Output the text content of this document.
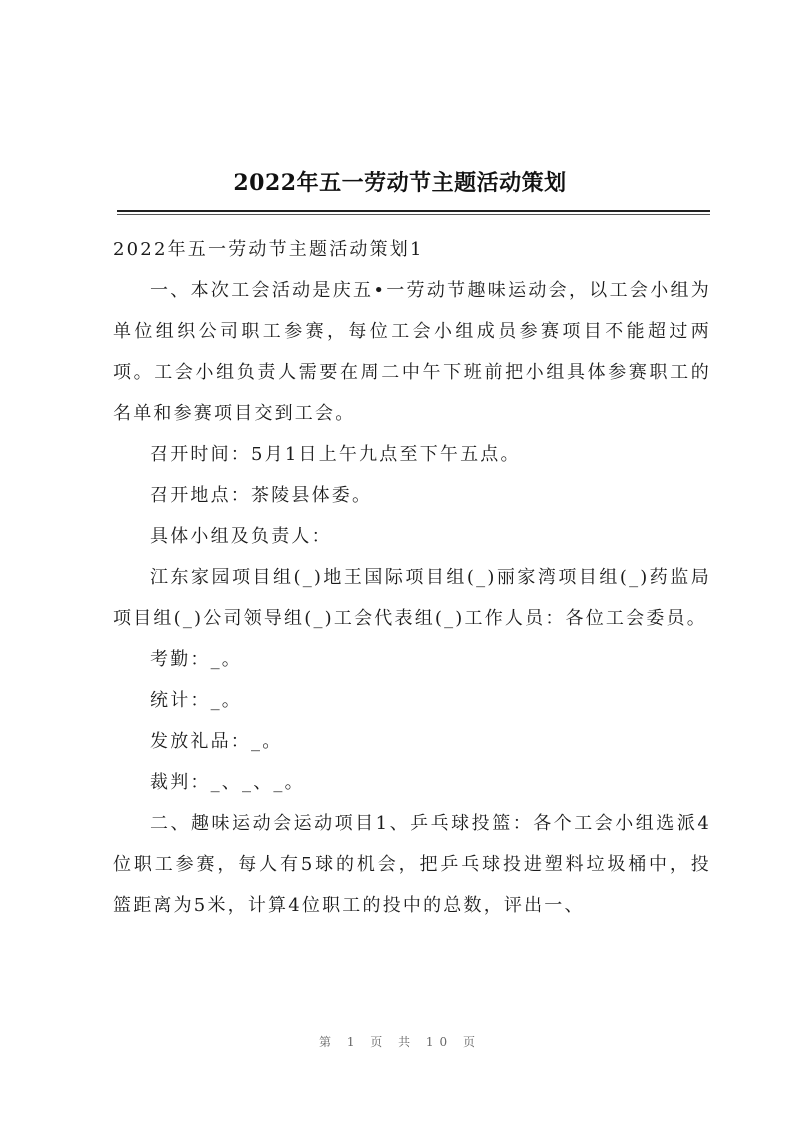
2022年五一劳动节主题活动策划

2022年五一劳动节主题活动策划1

一、本次工会活动是庆五•一劳动节趣味运动会，以工会小组为单位组织公司职工参赛，每位工会小组成员参赛项目不能超过两项。工会小组负责人需要在周二中午下班前把小组具体参赛职工的名单和参赛项目交到工会。

召开时间：5月1日上午九点至下午五点。

召开地点：茶陵县体委。

具体小组及负责人：

江东家园项目组(_)地王国际项目组(_)丽家湾项目组(_)药监局项目组(_)公司领导组(_)工会代表组(_)工作人员：各位工会委员。

考勤：_。

统计：_。

发放礼品：_。

裁判：_、_、_。

二、趣味运动会运动项目1、乒乓球投篮：各个工会小组选派4位职工参赛，每人有5球的机会，把乒乓球投进塑料垃圾桶中，投篮距离为5米，计算4位职工的投中的总数，评出一、

第 1 页 共 10 页
